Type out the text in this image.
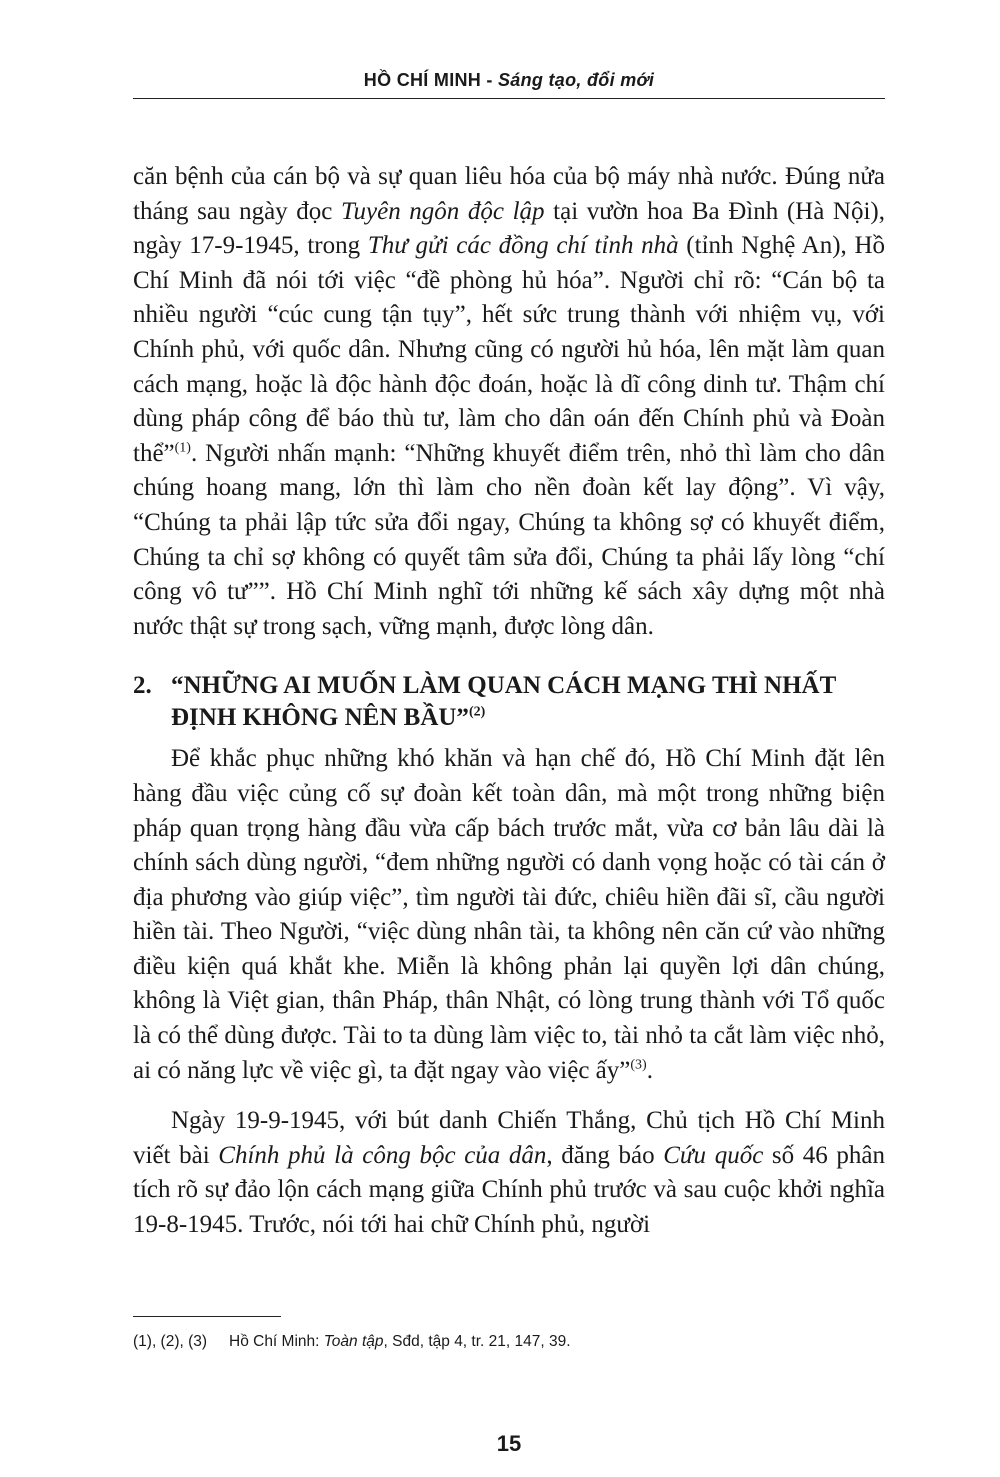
HỒ CHÍ MINH - Sáng tạo, đổi mới

căn bệnh của cán bộ và sự quan liêu hóa của bộ máy nhà nước. Đúng nửa tháng sau ngày đọc Tuyên ngôn độc lập tại vườn hoa Ba Đình (Hà Nội), ngày 17-9-1945, trong Thư gửi các đồng chí tỉnh nhà (tỉnh Nghệ An), Hồ Chí Minh đã nói tới việc “đề phòng hủ hóa”. Người chỉ rõ: “Cán bộ ta nhiều người “cúc cung tận tụy”, hết sức trung thành với nhiệm vụ, với Chính phủ, với quốc dân. Nhưng cũng có người hủ hóa, lên mặt làm quan cách mạng, hoặc là độc hành độc đoán, hoặc là dĩ công dinh tư. Thậm chí dùng pháp công để báo thù tư, làm cho dân oán đến Chính phủ và Đoàn thể”$^{(1)}$. Người nhấn mạnh: “Những khuyết điểm trên, nhỏ thì làm cho dân chúng hoang mang, lớn thì làm cho nền đoàn kết lay động”. Vì vậy, “Chúng ta phải lập tức sửa đổi ngay, Chúng ta không sợ có khuyết điểm, Chúng ta chỉ sợ không có quyết tâm sửa đổi, Chúng ta phải lấy lòng “chí công vô tư””. Hồ Chí Minh nghĩ tới những kế sách xây dựng một nhà nước thật sự trong sạch, vững mạnh, được lòng dân.

2. “NHỮNG AI MUỐN LÀM QUAN CÁCH MẠNG THÌ NHẤT
ĐỊNH KHÔNG NÊN BẦU”$^{(2)}$

Để khắc phục những khó khăn và hạn chế đó, Hồ Chí Minh đặt lên hàng đầu việc củng cố sự đoàn kết toàn dân, mà một trong những biện pháp quan trọng hàng đầu vừa cấp bách trước mắt, vừa cơ bản lâu dài là chính sách dùng người, “đem những người có danh vọng hoặc có tài cán ở địa phương vào giúp việc”, tìm người tài đức, chiêu hiền đãi sĩ, cầu người hiền tài. Theo Người, “việc dùng nhân tài, ta không nên căn cứ vào những điều kiện quá khắt khe. Miễn là không phản lại quyền lợi dân chúng, không là Việt gian, thân Pháp, thân Nhật, có lòng trung thành với Tổ quốc là có thể dùng được. Tài to ta dùng làm việc to, tài nhỏ ta cắt làm việc nhỏ, ai có năng lực về việc gì, ta đặt ngay vào việc ấy”$^{(3)}$.

Ngày 19-9-1945, với bút danh Chiến Thắng, Chủ tịch Hồ Chí Minh viết bài Chính phủ là công bộc của dân, đăng báo Cứu quốc số 46 phân tích rõ sự đảo lộn cách mạng giữa Chính phủ trước và sau cuộc khởi nghĩa 19-8-1945. Trước, nói tới hai chữ Chính phủ, người

(1), (2), (3) Hồ Chí Minh: Toàn tập, Sđd, tập 4, tr. 21, 147, 39.
15
